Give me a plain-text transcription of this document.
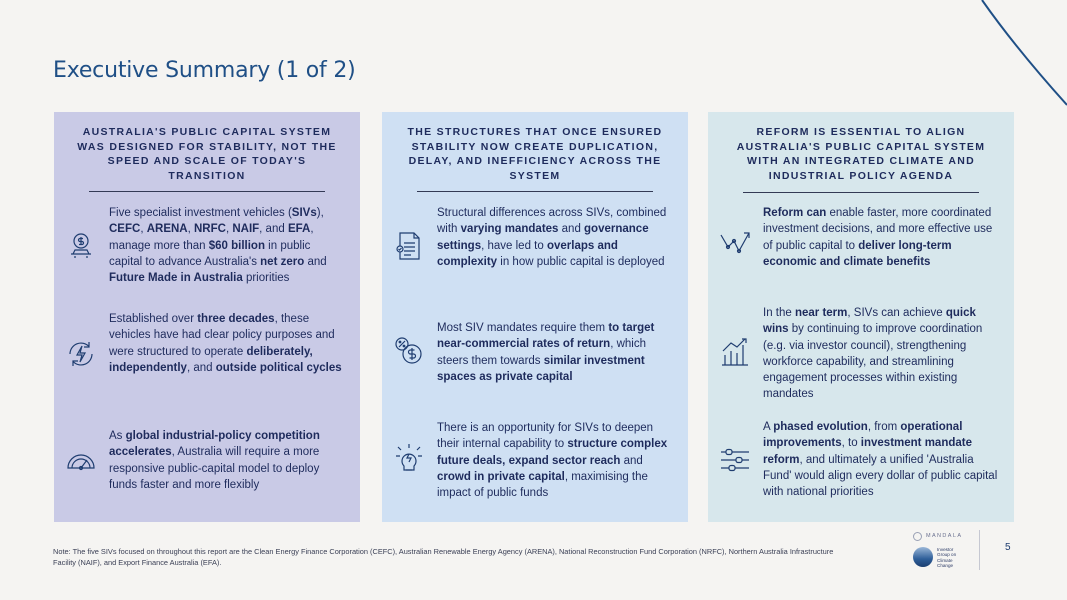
Executive Summary (1 of 2)
AUSTRALIA'S PUBLIC CAPITAL SYSTEM WAS DESIGNED FOR STABILITY, NOT THE SPEED AND SCALE OF TODAY'S TRANSITION
Five specialist investment vehicles (SIVs), CEFC, ARENA, NRFC, NAIF, and EFA, manage more than $60 billion in public capital to advance Australia's net zero and Future Made in Australia priorities
Established over three decades, these vehicles have had clear policy purposes and were structured to operate deliberately, independently, and outside political cycles
As global industrial-policy competition accelerates, Australia will require a more responsive public-capital model to deploy funds faster and more flexibly
THE STRUCTURES THAT ONCE ENSURED STABILITY NOW CREATE DUPLICATION, DELAY, AND INEFFICIENCY ACROSS THE SYSTEM
Structural differences across SIVs, combined with varying mandates and governance settings, have led to overlaps and complexity in how public capital is deployed
Most SIV mandates require them to target near-commercial rates of return, which steers them towards similar investment spaces as private capital
There is an opportunity for SIVs to deepen their internal capability to structure complex future deals, expand sector reach and crowd in private capital, maximising the impact of public funds
REFORM IS ESSENTIAL TO ALIGN AUSTRALIA'S PUBLIC CAPITAL SYSTEM WITH AN INTEGRATED CLIMATE AND INDUSTRIAL POLICY AGENDA
Reform can enable faster, more coordinated investment decisions, and more effective use of public capital to deliver long-term economic and climate benefits
In the near term, SIVs can achieve quick wins by continuing to improve coordination (e.g. via investor council), strengthening workforce capability, and streamlining engagement processes within existing mandates
A phased evolution, from operational improvements, to investment mandate reform, and ultimately a unified 'Australia Fund' would align every dollar of public capital with national priorities
Note: The five SIVs focused on throughout this report are the Clean Energy Finance Corporation (CEFC), Australian Renewable Energy Agency (ARENA), National Reconstruction Fund Corporation (NRFC), Northern Australia Infrastructure Facility (NAIF), and Export Finance Australia (EFA).
MANDALA
Investor
Group on
Climate
Change
5
